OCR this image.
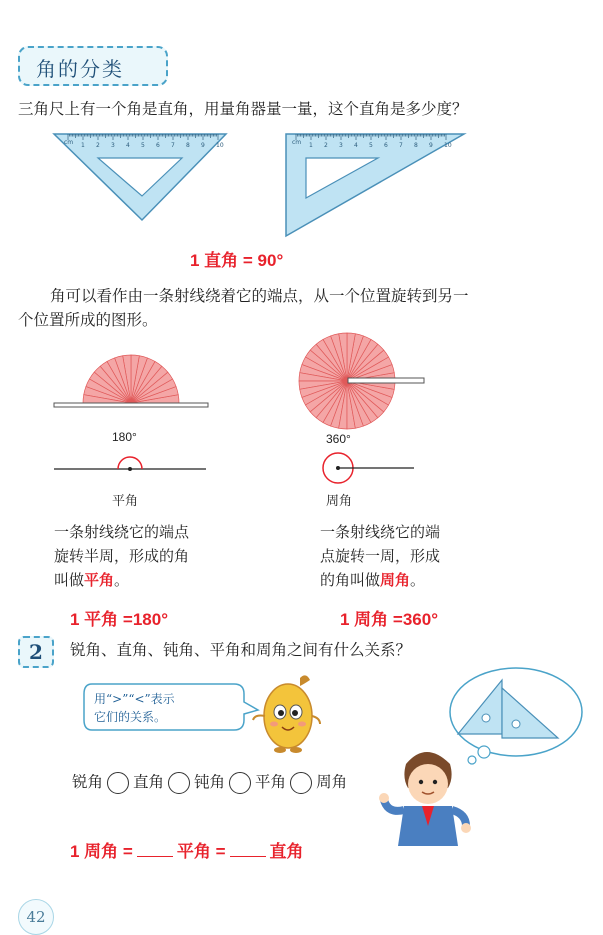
角的分类
三角尺上有一个角是直角，用量角器量一量，这个直角是多少度？
cm 1 2 3 4 5 6 7 8 9 10	cm 1 2 3 4 5 6 7 8 9 10
1 直角 = 90°
角可以看作由一条射线绕着它的端点，从一个位置旋转到另一
个位置所成的图形。
180°
平角
360°
周角
一条射线绕它的端点
旋转半周，形成的角
叫做平角。
一条射线绕它的端
点旋转一周，形成
的角叫做周角。
1 平角 =180°	1 周角 =360°
2	锐角、直角、钝角、平角和周角之间有什么关系？
用“>”“<”表示
它们的关系。
锐角 直角 钝角 平角 周角
1 周角 =	平角 =	直角
42
